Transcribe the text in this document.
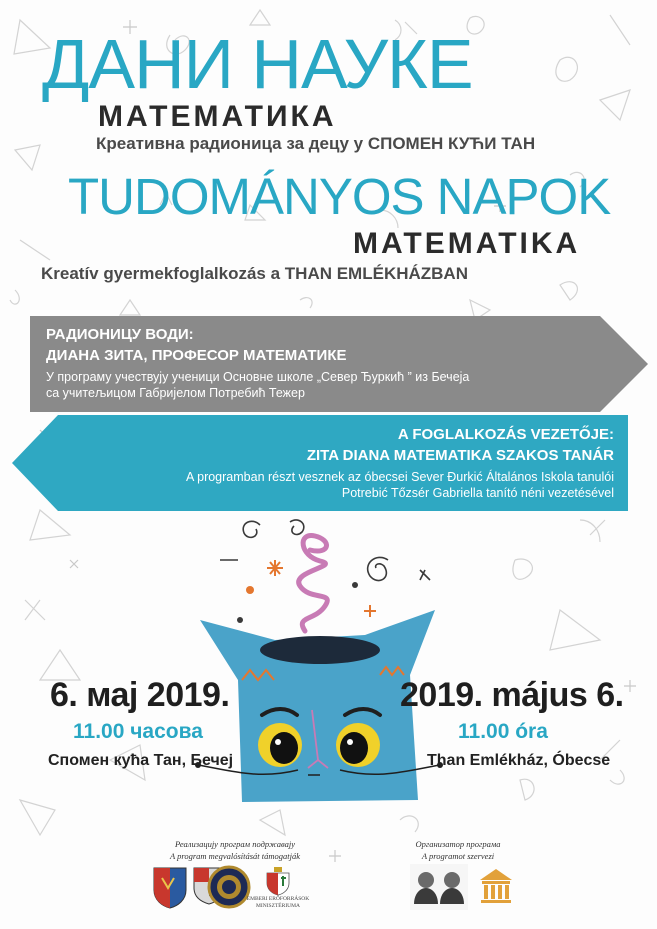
ДАНИ НАУКЕ
МАТЕМАТИКА
Креативна радионица за децу у СПОМЕН КУЋИ ТАН
TUDOMÁNYOS NAPOK
MATEMATIKA
Kreatív gyermekfoglalkozás a THAN EMLÉKHÁZBAN
РАДИОНИЦУ ВОДИ:
ДИАНА ЗИТА, ПРОФЕСОР МАТЕМАТИКЕ
У програму учествују ученици Основне школе „Север Ђуркић ” из Бечеја
са учитељицом Габријелом Потребић Тежер
A FOGLALKOZÁS VEZETŐJE:
ZITA DIANA MATEMATIKA SZAKOS TANÁR
A programban részt vesznek az óbecsei Sever Đurkić Általános Iskola tanulói
Potrebić Tőzsér Gabriella tanító néni vezetésével
6. мај 2019.
11.00 часова
Спомен кућа Тан, Бечеј
2019. május 6.
11.00 óra
Than Emlékház, Óbecse
Реализацију програм подржавају
A program megvalósítását támogatják
Организатор програма
A programot szervezi
EMBERI ERŐFORRÁSOK
MINISZTÉRIUMA
